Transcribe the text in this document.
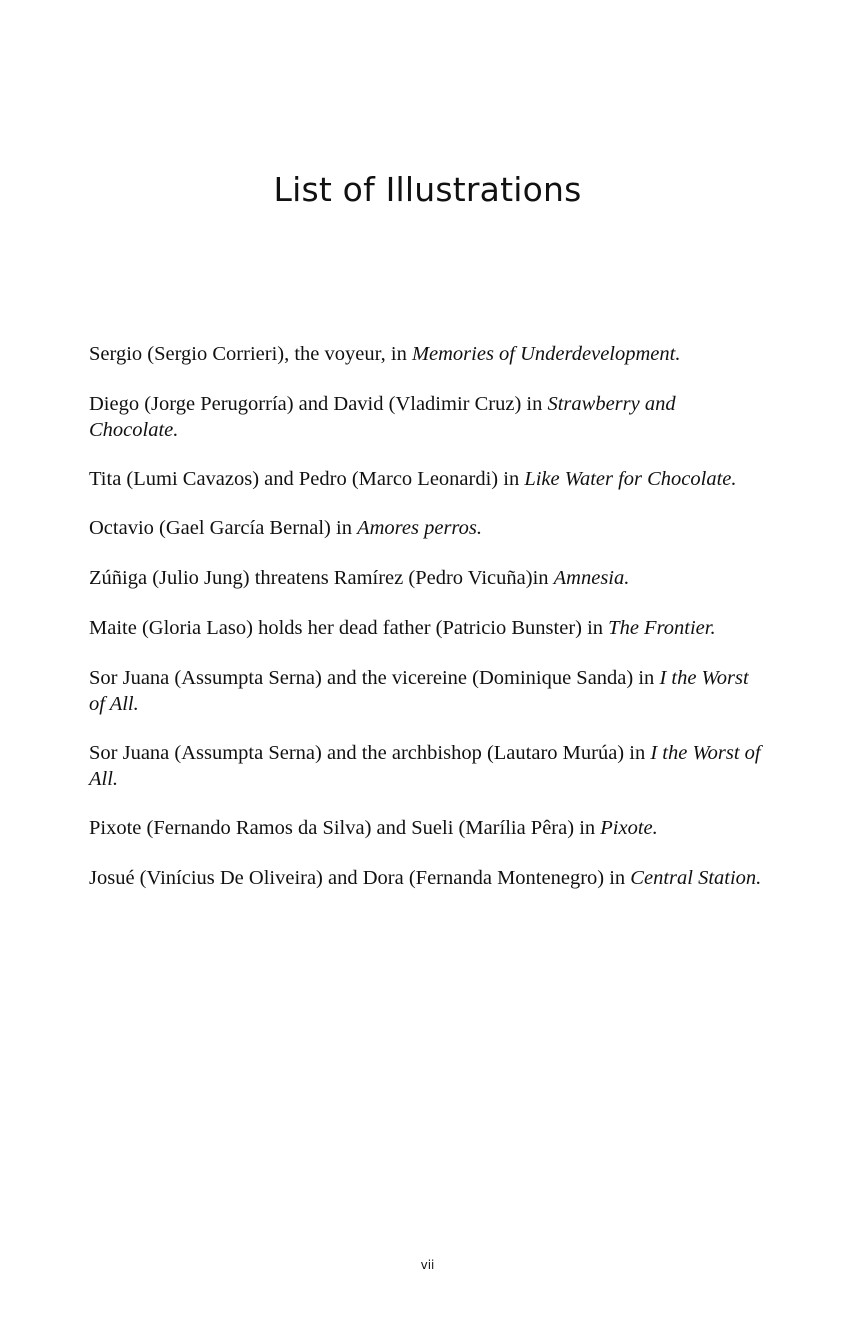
List of Illustrations
Sergio (Sergio Corrieri), the voyeur, in Memories of Underdevelopment.
Diego (Jorge Perugorría) and David (Vladimir Cruz) in Strawberry and Chocolate.
Tita (Lumi Cavazos) and Pedro (Marco Leonardi) in Like Water for Chocolate.
Octavio (Gael García Bernal) in Amores perros.
Zúñiga (Julio Jung) threatens Ramírez (Pedro Vicuña)in Amnesia.
Maite (Gloria Laso) holds her dead father (Patricio Bunster) in The Frontier.
Sor Juana (Assumpta Serna) and the vicereine (Dominique Sanda) in I the Worst of All.
Sor Juana (Assumpta Serna) and the archbishop (Lautaro Murúa) in I the Worst of All.
Pixote (Fernando Ramos da Silva) and Sueli (Marília Pêra) in Pixote.
Josué (Vinícius De Oliveira) and Dora (Fernanda Montenegro) in Central Station.
vii
